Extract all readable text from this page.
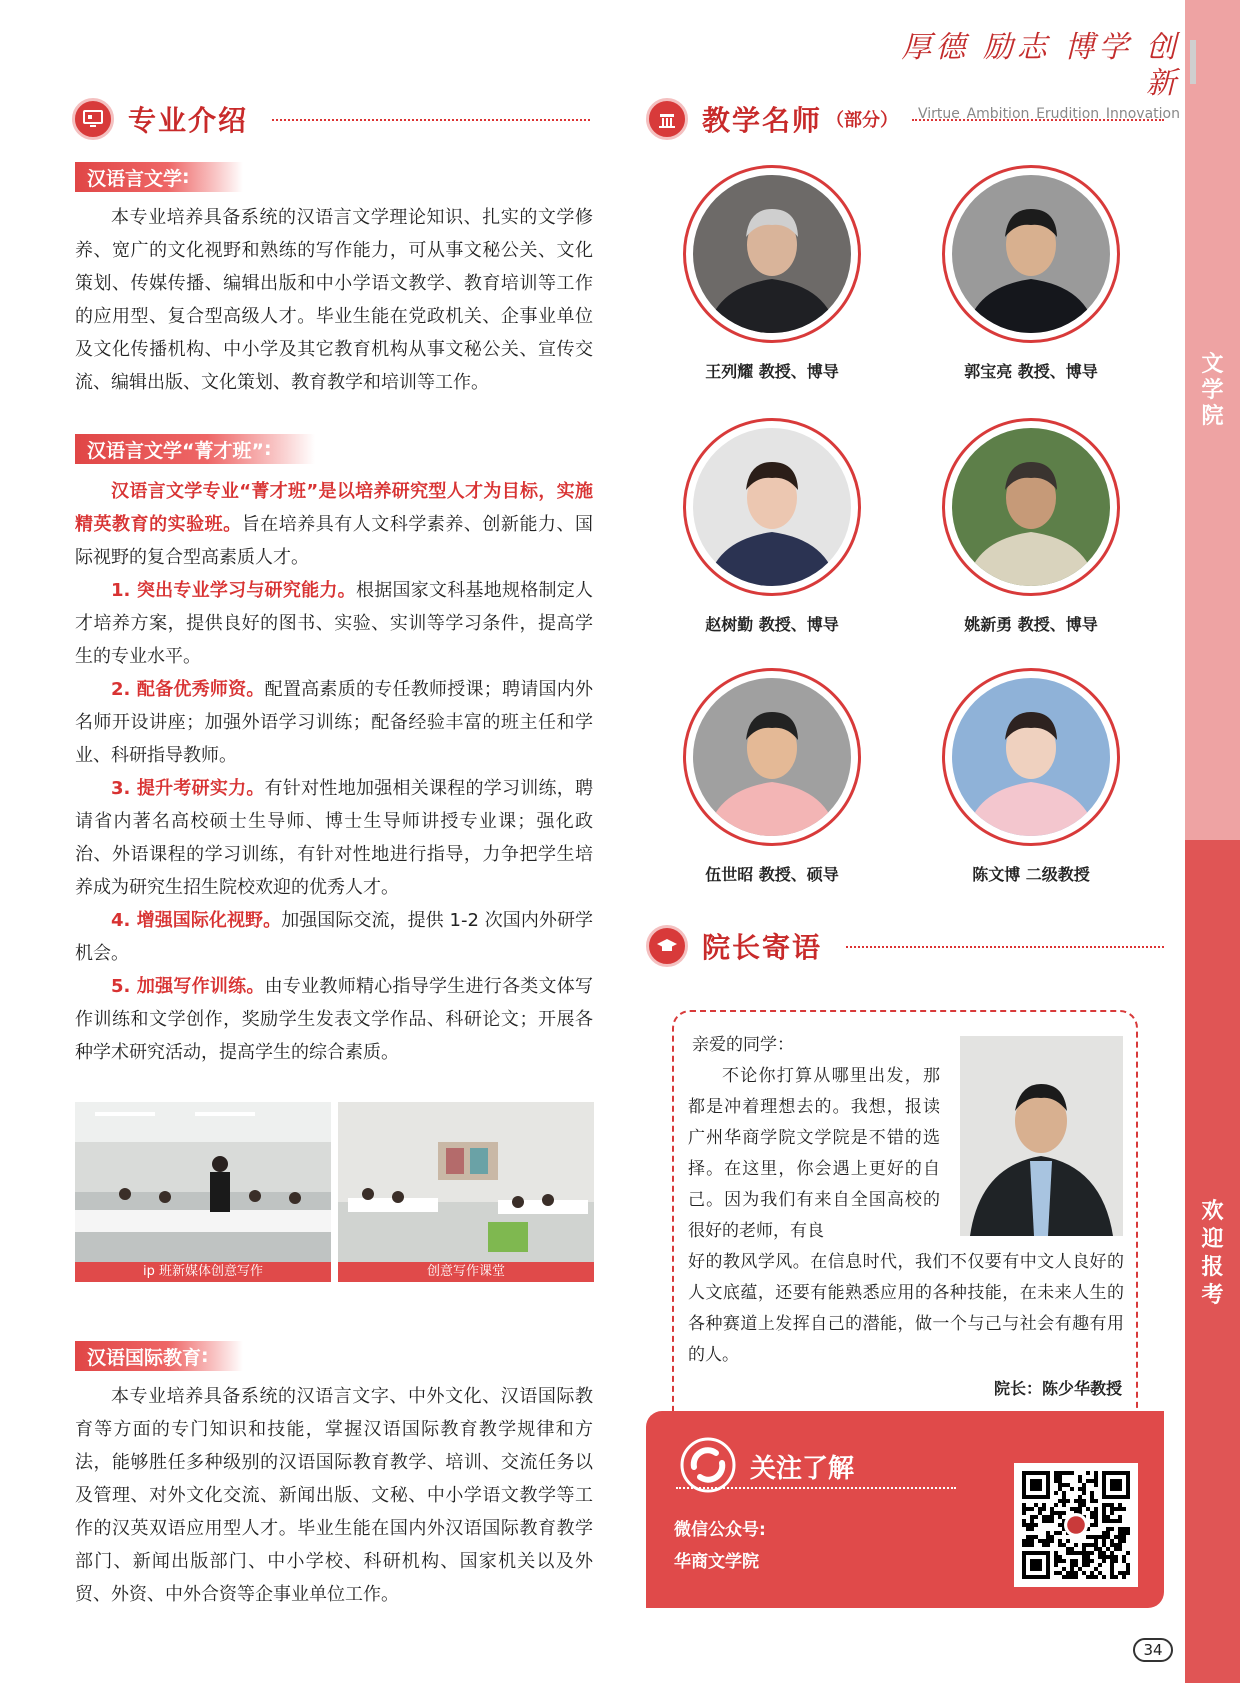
文
学
院
欢
迎
报
考
厚德 励志 博学 创新
Virtue Ambition Erudition Innovation
专业介绍
汉语言文学 :

本专业培养具备系统的汉语言文学理论知识、扎实的文学修养、宽广的文化视野和熟练的写作能力，可从事文秘公关、文化策划、传媒传播、编辑出版和中小学语文教学、教育培训等工作的应用型、复合型高级人才。毕业生能在党政机关、企事业单位及文化传播机构、中小学及其它教育机构从事文秘公关、宣传交流、编辑出版、文化策划、教育教学和培训等工作。

汉语言文学“菁才班” :

汉语言文学专业“菁才班”是以培养研究型人才为目标，实施精英教育的实验班。旨在培养具有人文科学素养、创新能力、国际视野的复合型高素质人才。

1. 突出专业学习与研究能力。根据国家文科基地规格制定人才培养方案，提供良好的图书、实验、实训等学习条件，提高学生的专业水平。

2. 配备优秀师资。配置高素质的专任教师授课；聘请国内外名师开设讲座；加强外语学习训练；配备经验丰富的班主任和学业、科研指导教师。

3. 提升考研实力。有针对性地加强相关课程的学习训练，聘请省内著名高校硕士生导师、博士生导师讲授专业课；强化政治、外语课程的学习训练，有针对性地进行指导，力争把学生培养成为研究生招生院校欢迎的优秀人才。

4. 增强国际化视野。加强国际交流，提供 1-2 次国内外研学机会。

5. 加强写作训练。由专业教师精心指导学生进行各类文体写作训练和文学创作，奖励学生发表文学作品、科研论文；开展各种学术研究活动，提高学生的综合素质。

ip 班新媒体创意写作	创意写作课堂
汉语国际教育 :

本专业培养具备系统的汉语言文字、中外文化、汉语国际教育等方面的专门知识和技能，掌握汉语国际教育教学规律和方法，能够胜任多种级别的汉语国际教育教学、培训、交流任务以及管理、对外文化交流、新闻出版、文秘、中小学语文教学等工作的汉英双语应用型人才。毕业生能在国内外汉语国际教育教学部门、新闻出版部门、中小学校、科研机构、国家机关以及外贸、外资、中外合资等企事业单位工作。

教学名师 （部分）
王列耀 教授、博导	郭宝亮 教授、博导
赵树勤 教授、博导	姚新勇 教授、博导
伍世昭 教授、硕导	陈文博 二级教授
院长寄语
亲爱的同学：
不论你打算从哪里出发，那都是冲着理想去的。我想，报读广州华商学院文学院是不错的选择。在这里，你会遇上更好的自己。因为我们有来自全国高校的很好的老师，有良
好的教风学风。在信息时代，我们不仅要有中文人良好的人文底蕴，还要有能熟悉应用的各种技能，在未来人生的各种赛道上发挥自己的潜能，做一个与己与社会有趣有用的人。
院长：陈少华教授
关注了解
微信公众号:
华商文学院
34
